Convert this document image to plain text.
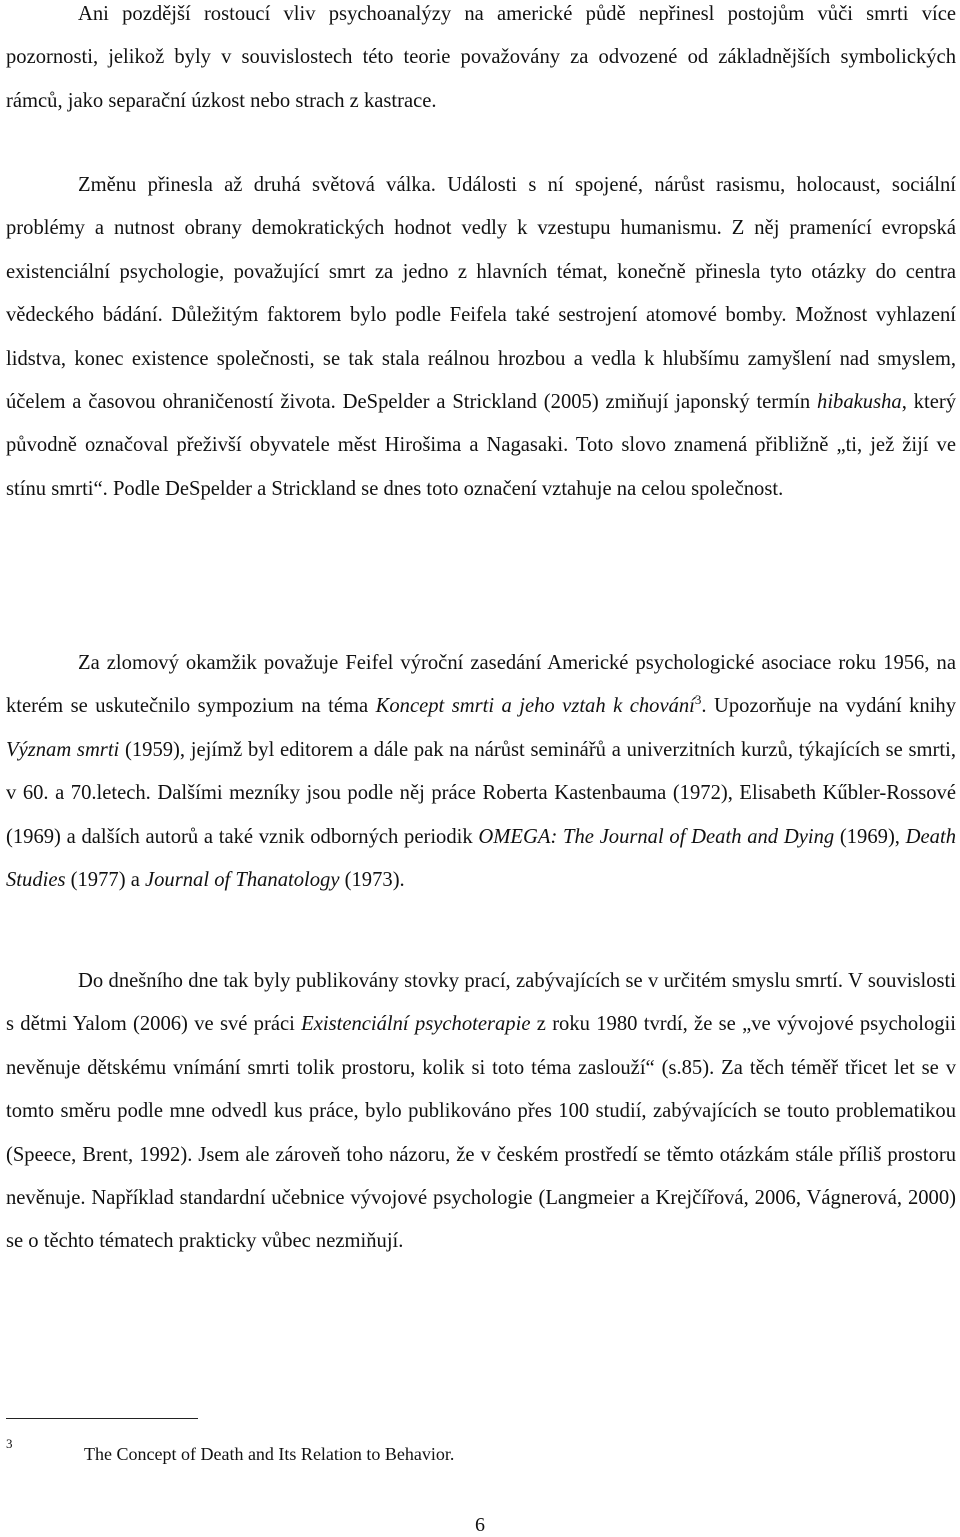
Ani pozdější rostoucí vliv psychoanalýzy na americké půdě nepřinesl postojům vůči smrti více pozornosti, jelikož byly v souvislostech této teorie považovány za odvozené od základnějších symbolických rámců, jako separační úzkost nebo strach z kastrace.

Změnu přinesla až druhá světová válka. Události s ní spojené, nárůst rasismu, holocaust, sociální problémy a nutnost obrany demokratických hodnot vedly k vzestupu humanismu. Z něj pramenící evropská existenciální psychologie, považující smrt za jedno z hlavních témat, konečně přinesla tyto otázky do centra vědeckého bádání. Důležitým faktorem bylo podle Feifela také sestrojení atomové bomby. Možnost vyhlazení lidstva, konec existence společnosti, se tak stala reálnou hrozbou a vedla k hlubšímu zamyšlení nad smyslem, účelem a časovou ohraničeností života. DeSpelder a Strickland (2005) zmiňují japonský termín hibakusha, který původně označoval přeživší obyvatele měst Hirošima a Nagasaki. Toto slovo znamená přibližně „ti, jež žijí ve stínu smrti“. Podle DeSpelder a Strickland se dnes toto označení vztahuje na celou společnost.

Za zlomový okamžik považuje Feifel výroční zasedání Americké psychologické asociace roku 1956, na kterém se uskutečnilo sympozium na téma Koncept smrti a jeho vztah k chování$^3$. Upozorňuje na vydání knihy Význam smrti (1959), jejímž byl editorem a dále pak na nárůst seminářů a univerzitních kurzů, týkajících se smrti, v 60. a 70.letech. Dalšími mezníky jsou podle něj práce Roberta Kastenbauma (1972), Elisabeth Kűbler-Rossové (1969) a dalších autorů a také vznik odborných periodik OMEGA: The Journal of Death and Dying (1969), Death Studies (1977) a Journal of Thanatology (1973).

Do dnešního dne tak byly publikovány stovky prací, zabývajících se v určitém smyslu smrtí. V souvislosti s dětmi Yalom (2006) ve své práci Existenciální psychoterapie z roku 1980 tvrdí, že se „ve vývojové psychologii nevěnuje dětskému vnímání smrti tolik prostoru, kolik si toto téma zaslouží“ (s.85). Za těch téměř třicet let se v tomto směru podle mne odvedl kus práce, bylo publikováno přes 100 studií, zabývajících se touto problematikou (Speece, Brent, 1992). Jsem ale zároveň toho názoru, že v českém prostředí se těmto otázkám stále příliš prostoru nevěnuje. Například standardní učebnice vývojové psychologie (Langmeier a Krejčířová, 2006, Vágnerová, 2000) se o těchto tématech prakticky vůbec nezmiňují.

3
The Concept of Death and Its Relation to Behavior.
6
